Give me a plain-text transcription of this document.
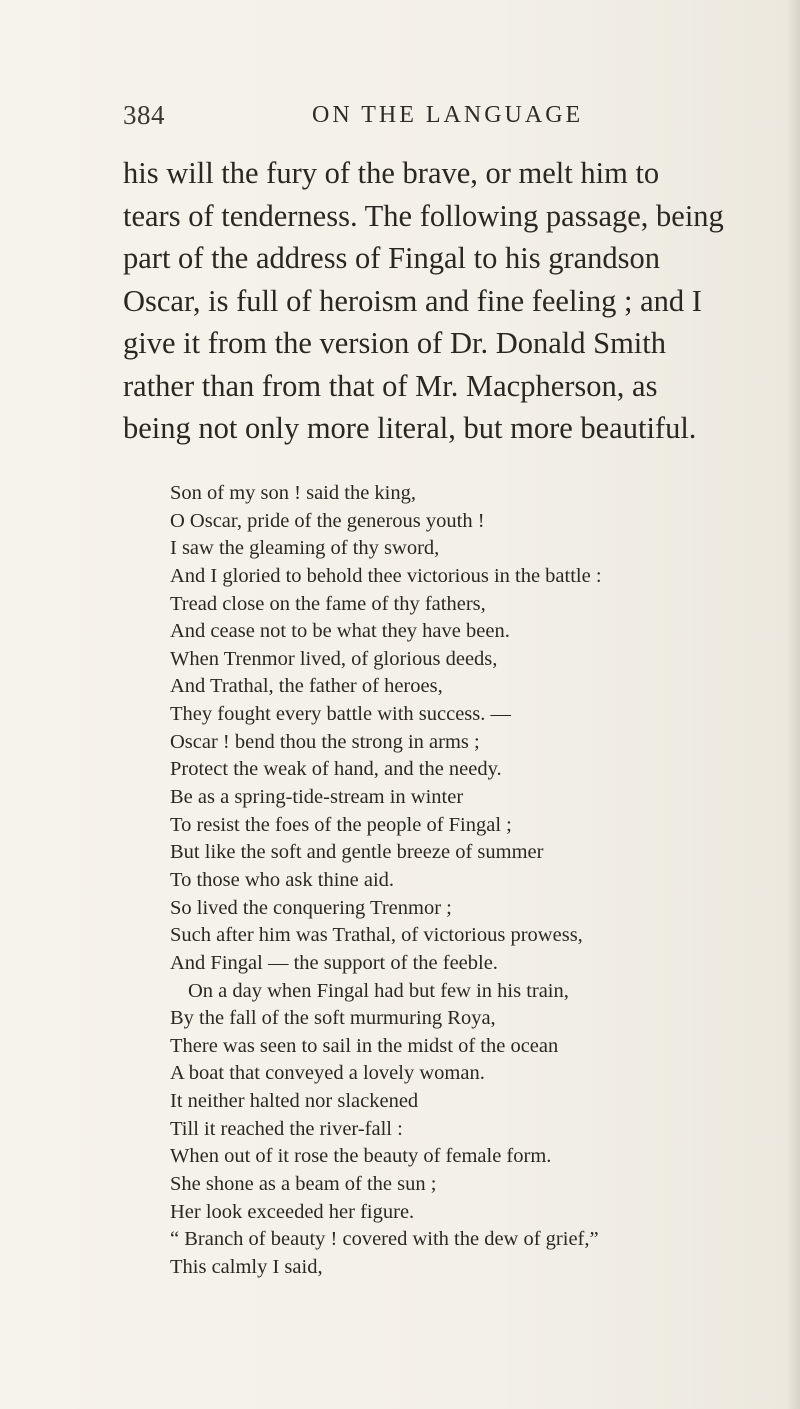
384	ON THE LANGUAGE
his will the fury of the brave, or melt him to
tears of tenderness. The following passage, being
part of the address of Fingal to his grandson
Oscar, is full of heroism and fine feeling ; and I
give it from the version of Dr. Donald Smith
rather than from that of Mr. Macpherson, as
being not only more literal, but more beautiful.
Son of my son ! said the king,
O Oscar, pride of the generous youth !
I saw the gleaming of thy sword,
And I gloried to behold thee victorious in the battle :
Tread close on the fame of thy fathers,
And cease not to be what they have been.
When Trenmor lived, of glorious deeds,
And Trathal, the father of heroes,
They fought every battle with success. —
Oscar ! bend thou the strong in arms ;
Protect the weak of hand, and the needy.
Be as a spring-tide-stream in winter
To resist the foes of the people of Fingal ;
But like the soft and gentle breeze of summer
To those who ask thine aid.
So lived the conquering Trenmor ;
Such after him was Trathal, of victorious prowess,
And Fingal — the support of the feeble.
On a day when Fingal had but few in his train,
By the fall of the soft murmuring Roya,
There was seen to sail in the midst of the ocean
A boat that conveyed a lovely woman.
It neither halted nor slackened
Till it reached the river-fall :
When out of it rose the beauty of female form.
She shone as a beam of the sun ;
Her look exceeded her figure.
“ Branch of beauty ! covered with the dew of grief,”
This calmly I said,
